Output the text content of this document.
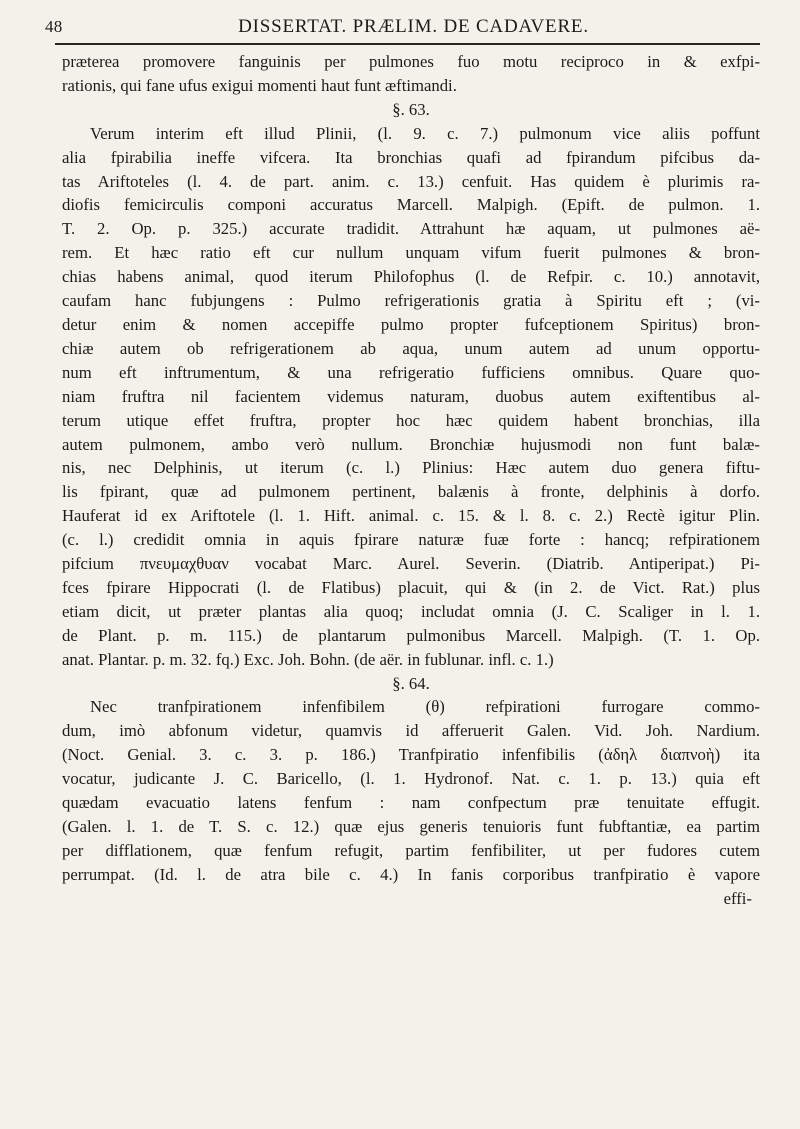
48	DISSERTAT. PRÆLIM. DE CADAVERE.

præterea promovere fanguinis per pulmones fuo motu reciproco in & exfpi-

rationis, qui fane ufus exigui momenti haut funt æftimandi.

§. 63.

Verum interim eft illud Plinii, (l. 9. c. 7.) pulmonum vice aliis poffunt

alia fpirabilia ineffe vifcera. Ita bronchias quafi ad fpirandum pifcibus da-

tas Ariftoteles (l. 4. de part. anim. c. 13.) cenfuit. Has quidem è plurimis ra-

diofis femicirculis componi accuratus Marcell. Malpigh. (Epift. de pulmon. 1.

T. 2. Op. p. 325.) accurate tradidit. Attrahunt hæ aquam, ut pulmones aë-

rem. Et hæc ratio eft cur nullum unquam vifum fuerit pulmones & bron-

chias habens animal, quod iterum Philofophus (l. de Refpir. c. 10.) annotavit,

caufam hanc fubjungens : Pulmo refrigerationis gratia à Spiritu eft ; (vi-

detur enim & nomen accepiffe pulmo propter fufceptionem Spiritus) bron-

chiæ autem ob refrigerationem ab aqua, unum autem ad unum opportu-

num eft inftrumentum, & una refrigeratio fufficiens omnibus. Quare quo-

niam fruftra nil facientem videmus naturam, duobus autem exiftentibus al-

terum utique effet fruftra, propter hoc hæc quidem habent bronchias, illa

autem pulmonem, ambo verò nullum. Bronchiæ hujusmodi non funt balæ-

nis, nec Delphinis, ut iterum (c. l.) Plinius: Hæc autem duo genera fiftu-

lis fpirant, quæ ad pulmonem pertinent, balænis à fronte, delphinis à dorfo.

Hauferat id ex Ariftotele (l. 1. Hift. animal. c. 15. & l. 8. c. 2.) Rectè igitur Plin.

(c. l.) credidit omnia in aquis fpirare naturæ fuæ forte : hancq; refpirationem

pifcium πνευμαχθυαν vocabat Marc. Aurel. Severin. (Diatrib. Antiperipat.) Pi-

fces fpirare Hippocrati (l. de Flatibus) placuit, qui & (in 2. de Vict. Rat.) plus

etiam dicit, ut præter plantas alia quoq; includat omnia (J. C. Scaliger in l. 1.

de Plant. p. m. 115.) de plantarum pulmonibus Marcell. Malpigh. (T. 1. Op.

anat. Plantar. p. m. 32. fq.) Exc. Joh. Bohn. (de aër. in fublunar. infl. c. 1.)

§. 64.

Nec tranfpirationem infenfibilem (θ) refpirationi furrogare commo-

dum, imò abfonum videtur, quamvis id afferuerit Galen. Vid. Joh. Nardium.

(Noct. Genial. 3. c. 3. p. 186.) Tranfpiratio infenfibilis (ἀδηλ διαπνοὴ) ita

vocatur, judicante J. C. Baricello, (l. 1. Hydronof. Nat. c. 1. p. 13.) quia eft

quædam evacuatio latens fenfum : nam confpectum præ tenuitate effugit.

(Galen. l. 1. de T. S. c. 12.) quæ ejus generis tenuioris funt fubftantiæ, ea partim

per difflationem, quæ fenfum refugit, partim fenfibiliter, ut per fudores cutem

perrumpat. (Id. l. de atra bile c. 4.) In fanis corporibus tranfpiratio è vapore

effi-
